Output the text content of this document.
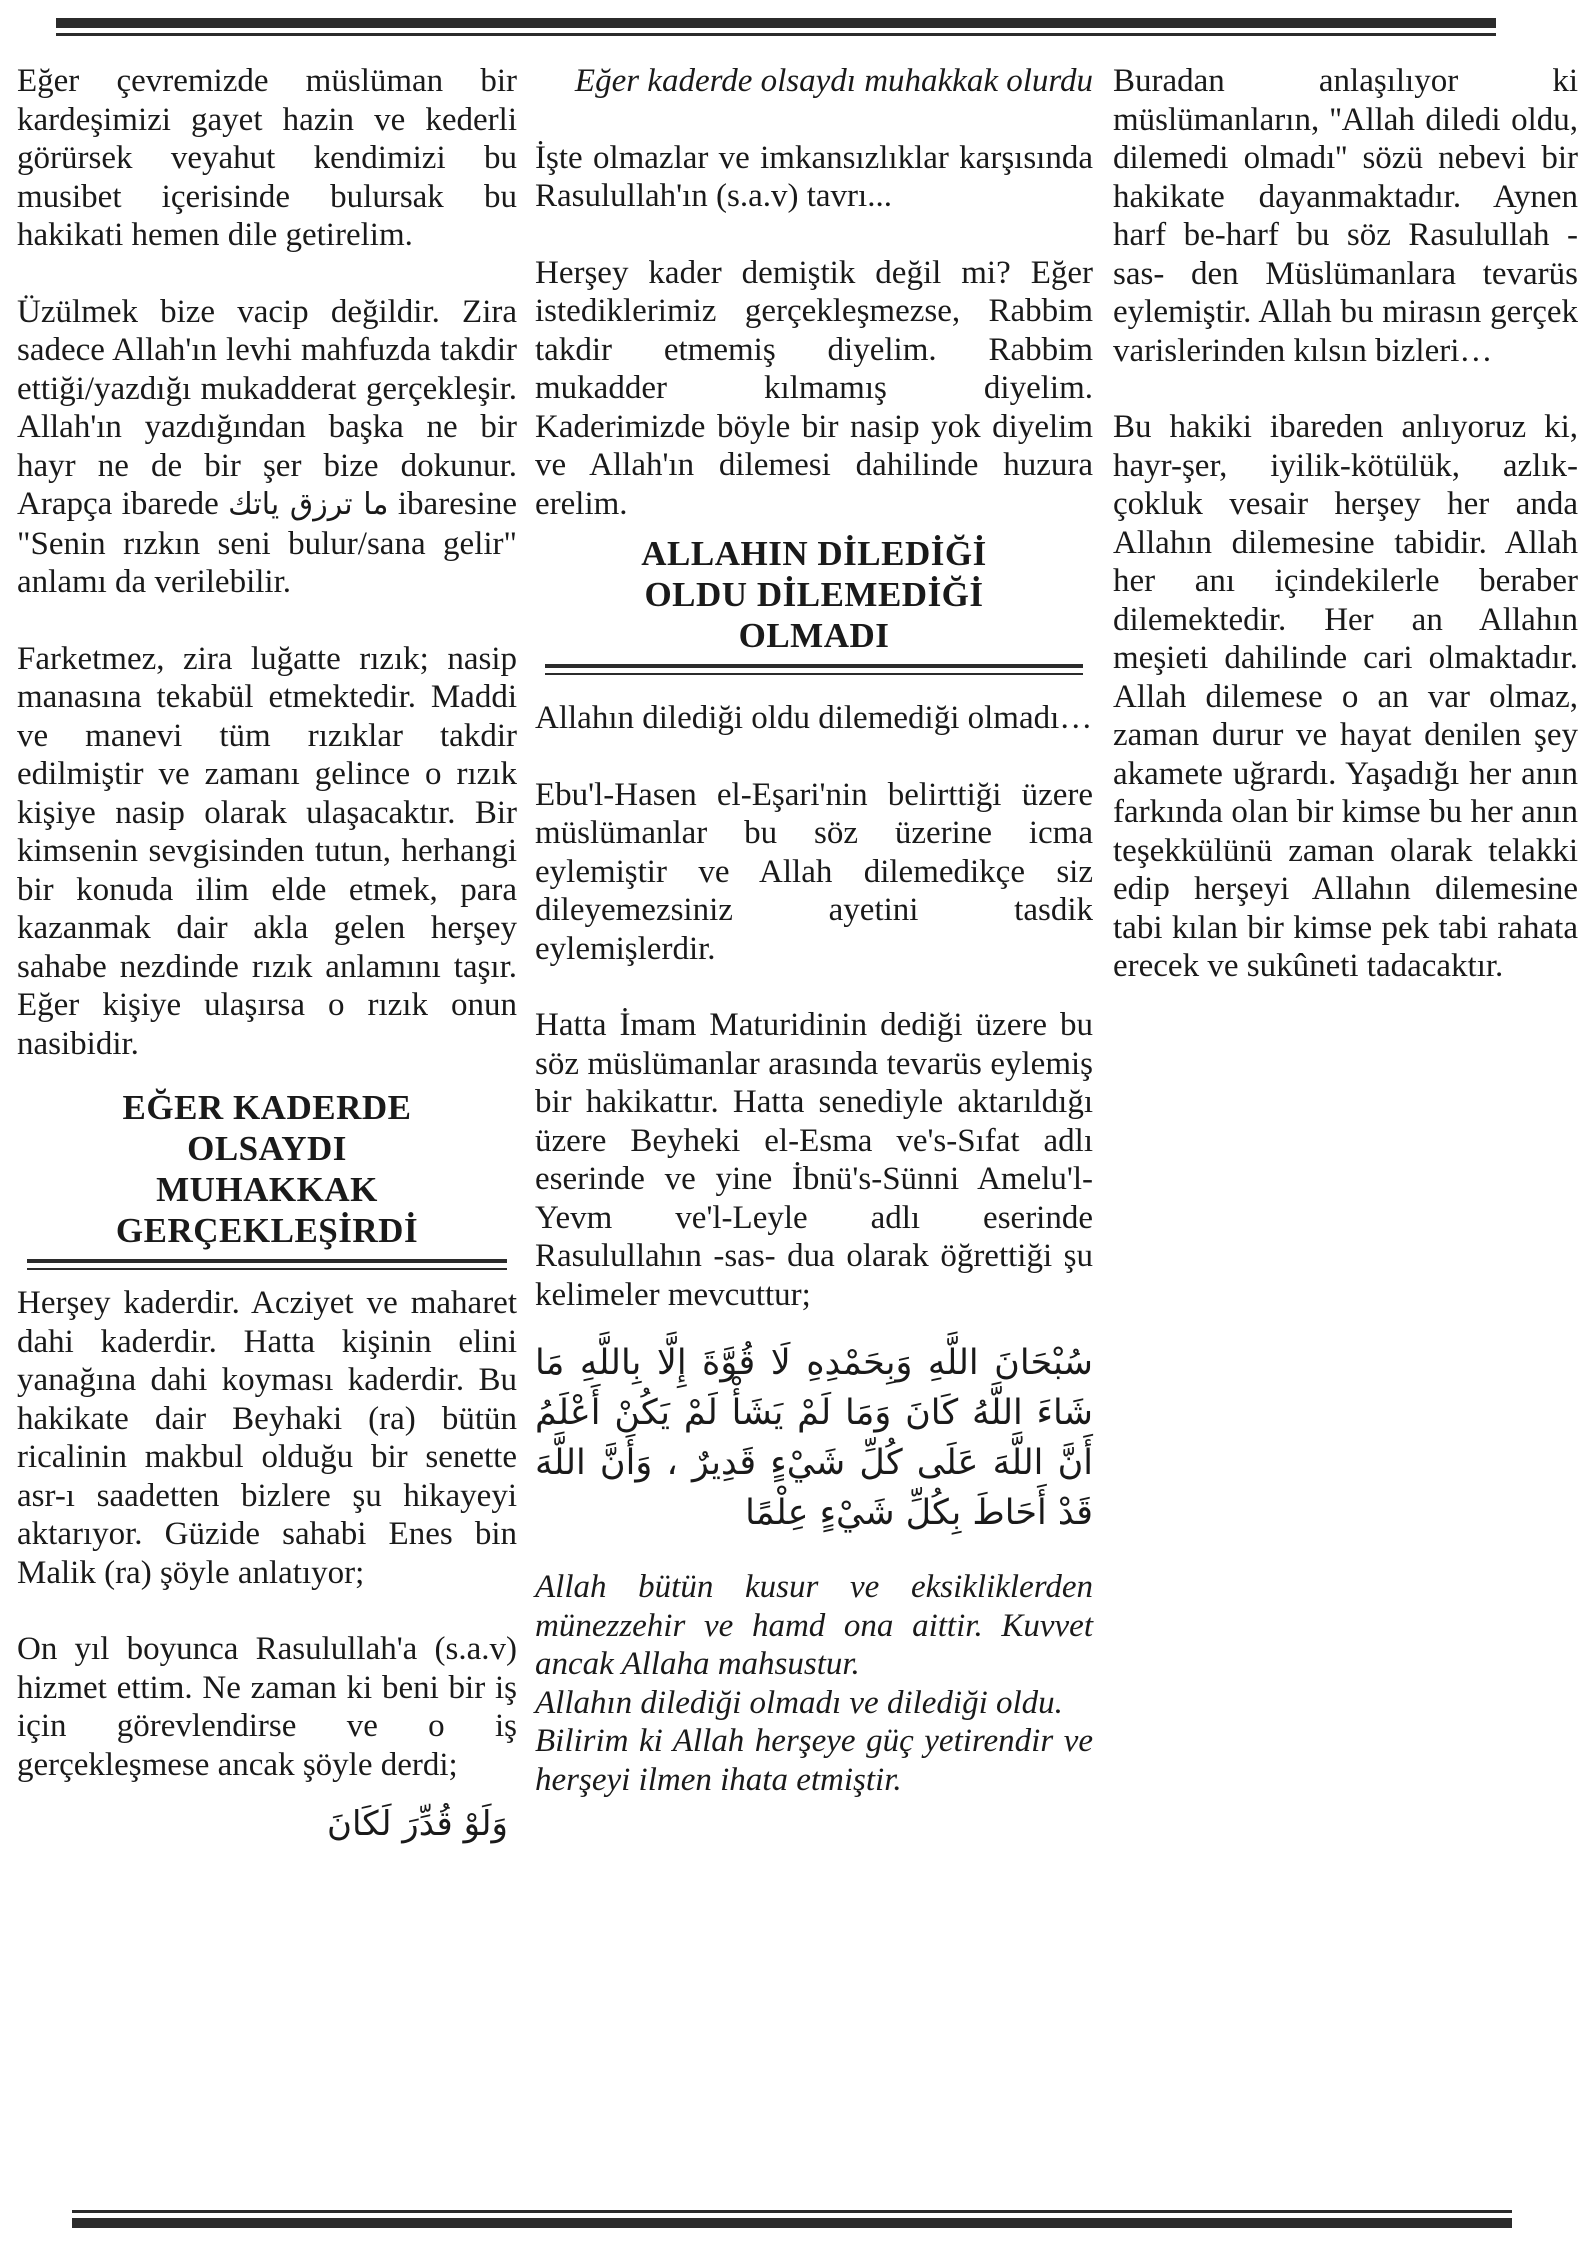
Eğer çevremizde müslüman bir kardeşimizi gayet hazin ve kederli görürsek veyahut kendimizi bu musibet içerisinde bulursak bu hakikati hemen dile getirelim.

Üzülmek bize vacip değildir. Zira sadece Allah'ın levhi mahfuzda takdir ettiği/yazdığı mukadderat gerçekleşir. Allah'ın yazdığından başka ne bir hayr ne de bir şer bize dokunur. Arapça ibarede ما ترزق ياتك ibaresine "Senin rızkın seni bulur/sana gelir" anlamı da verilebilir.

Farketmez, zira luğatte rızık; nasip manasına tekabül etmektedir. Maddi ve manevi tüm rızıklar takdir edilmiştir ve zamanı gelince o rızık kişiye nasip olarak ulaşacaktır. Bir kimsenin sevgisinden tutun, herhangi bir konuda ilim elde etmek, para kazanmak dair akla gelen herşey sahabe nezdinde rızık anlamını taşır. Eğer kişiye ulaşırsa o rızık onun nasibidir.

EĞER KADERDE OLSAYDI MUHAKKAK GERÇEKLEŞİRDİ

Herşey kaderdir. Acziyet ve maharet dahi kaderdir. Hatta kişinin elini yanağına dahi koyması kaderdir. Bu hakikate dair Beyhaki (ra) bütün ricalinin makbul olduğu bir senette asr-ı saadetten bizlere şu hikayeyi aktarıyor. Güzide sahabi Enes bin Malik (ra) şöyle anlatıyor;

On yıl boyunca Rasulullah'a (s.a.v) hizmet ettim. Ne zaman ki beni bir iş için görevlendirse ve o iş gerçekleşmese ancak şöyle derdi;

وَلَوْ قُدِّرَ لَكَانَ

Eğer kaderde olsaydı muhakkak olurdu

İşte olmazlar ve imkansızlıklar karşısında Rasulullah'ın (s.a.v) tavrı...

Herşey kader demiştik değil mi? Eğer istediklerimiz gerçekleşmezse, Rabbim takdir etmemiş diyelim. Rabbim mukadder kılmamış diyelim. Kaderimizde böyle bir nasip yok diyelim ve Allah'ın dilemesi dahilinde huzura erelim.

ALLAHIN DİLEDİĞİ OLDU DİLEMEDİĞİ OLMADI

Allahın dilediği oldu dilemediği olmadı…

Ebu'l-Hasen el-Eşari'nin belirttiği üzere müslümanlar bu söz üzerine icma eylemiştir ve Allah dilemedikçe siz dileyemezsiniz ayetini tasdik eylemişlerdir.

Hatta İmam Maturidinin dediği üzere bu söz müslümanlar arasında tevarüs eylemiş bir hakikattır. Hatta senediyle aktarıldığı üzere Beyheki el-Esma ve's-Sıfat adlı eserinde ve yine İbnü's-Sünni Amelu'l-Yevm ve'l-Leyle adlı eserinde Rasulullahın -sas- dua olarak öğrettiği şu kelimeler mevcuttur;

سُبْحَانَ اللَّهِ وَبِحَمْدِهِ لَا قُوَّةَ إِلَّا بِاللَّهِ مَا شَاءَ اللَّهُ كَانَ وَمَا لَمْ يَشَأْ لَمْ يَكُنْ أَعْلَمُ أَنَّ اللَّهَ عَلَى كُلِّ شَيْءٍ قَدِيرٌ ، وَأَنَّ اللَّهَ قَدْ أَحَاطَ بِكُلِّ شَيْءٍ عِلْمًا

Allah bütün kusur ve eksikliklerden münezzehir ve hamd ona aittir. Kuvvet ancak Allaha mahsustur.

Allahın dilediği olmadı ve dilediği oldu.

Bilirim ki Allah herşeye güç yetirendir ve herşeyi ilmen ihata etmiştir.

Buradan anlaşılıyor ki müslümanların, ''Allah diledi oldu, dilemedi olmadı'' sözü nebevi bir hakikate dayanmaktadır. Aynen harf be-harf bu söz Rasulullah -sas- den Müslümanlara tevarüs eylemiştir. Allah bu mirasın gerçek varislerinden kılsın bizleri…

Bu hakiki ibareden anlıyoruz ki, hayr-şer, iyilik-kötülük, azlık-çokluk vesair herşey her anda Allahın dilemesine tabidir. Allah her anı içindekilerle beraber dilemektedir. Her an Allahın meşieti dahilinde cari olmaktadır. Allah dilemese o an var olmaz, zaman durur ve hayat denilen şey akamete uğrardı. Yaşadığı her anın farkında olan bir kimse bu her anın teşekkülünü zaman olarak telakki edip herşeyi Allahın dilemesine tabi kılan bir kimse pek tabi rahata erecek ve sukûneti tadacaktır.
